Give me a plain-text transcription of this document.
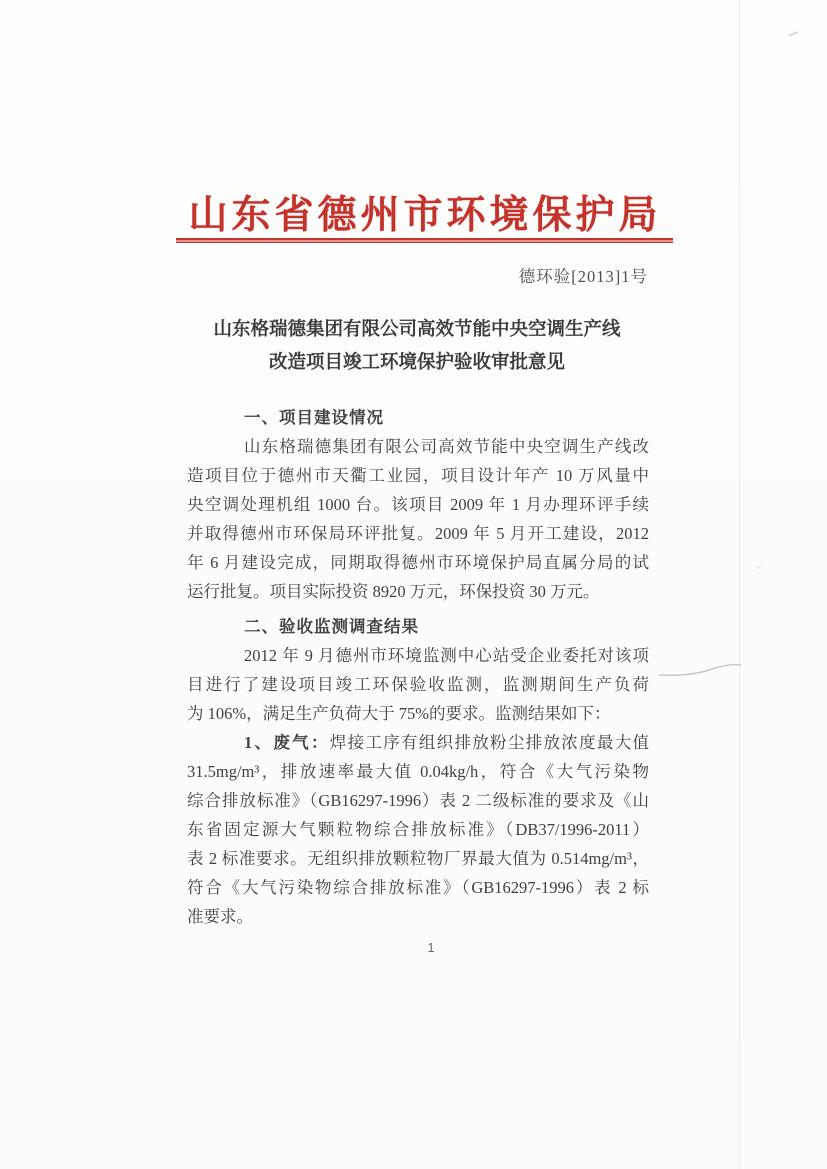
山东省德州市环境保护局
德环验[2013]1号
山东格瑞德集团有限公司高效节能中央空调生产线
改造项目竣工环境保护验收审批意见
一、项目建设情况
山东格瑞德集团有限公司高效节能中央空调生产线改
造项目位于德州市天衢工业园，项目设计年产 10 万风量中
央空调处理机组 1000 台。该项目 2009 年 1 月办理环评手续
并取得德州市环保局环评批复。2009 年 5 月开工建设，2012
年 6 月建设完成，同期取得德州市环境保护局直属分局的试
运行批复。项目实际投资 8920 万元，环保投资 30 万元。
二、验收监测调查结果
2012 年 9 月德州市环境监测中心站受企业委托对该项
目进行了建设项目竣工环保验收监测，监测期间生产负荷
为 106%，满足生产负荷大于 75%的要求。监测结果如下：
1、废气：焊接工序有组织排放粉尘排放浓度最大值
31.5mg/m³，排放速率最大值 0.04kg/h，符合《大气污染物
综合排放标准》（GB16297-1996）表 2 二级标准的要求及《山
东省固定源大气颗粒物综合排放标准》（DB37/1996-2011）
表 2 标准要求。无组织排放颗粒物厂界最大值为 0.514mg/m³，
符合《大气污染物综合排放标准》（GB16297-1996）表 2 标
准要求。
1
